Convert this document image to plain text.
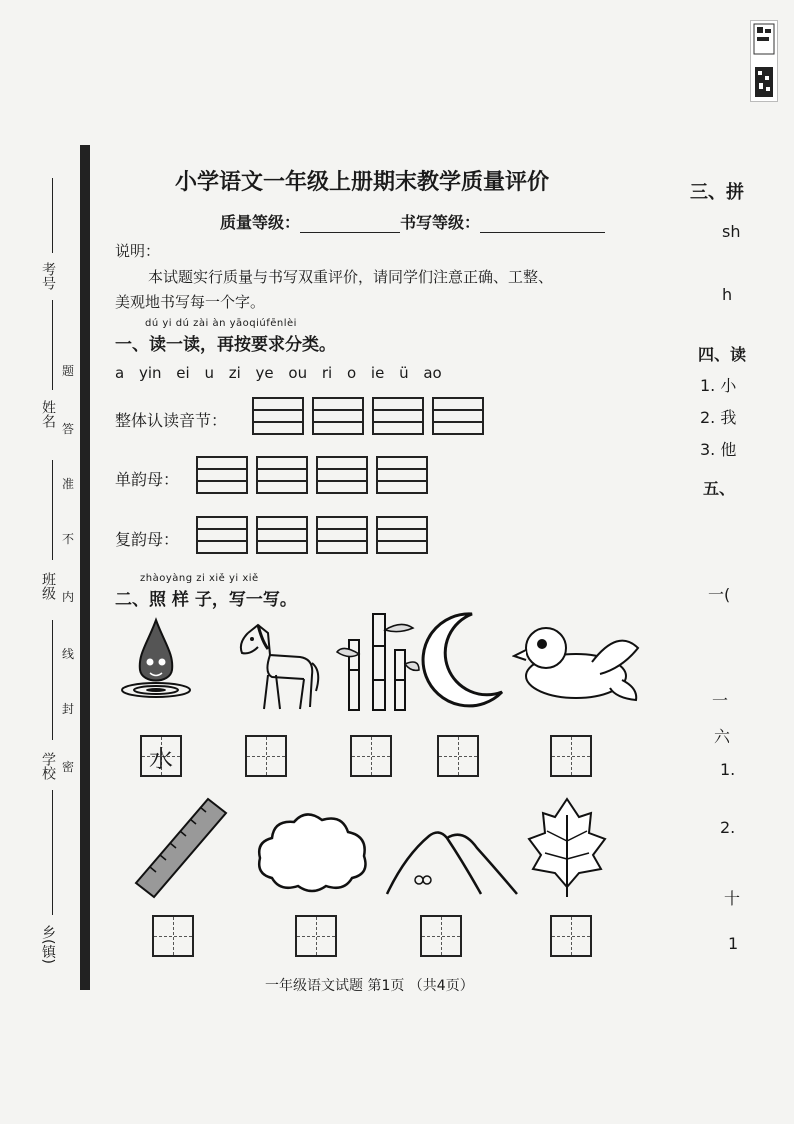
考号
姓名
班级
学校
乡(镇)
题
答
准
不
内
线
封
密
小学语文一年级上册期末教学质量评价
质量等级：	书写等级：
说明：
本试题实行质量与书写双重评价，请同学们注意正确、工整、
美观地书写每一个字。
dú yi dú zài àn yāoqiúfēnlèi
一、读一读，再按要求分类。
a yin ei u zi ye ou ri o ie ü ao
整体认读音节：
单韵母：
复韵母：
zhàoyàng zi xiě yi xiě
二、照 样 子，写一写。
水
一年级语文试题 第1页 （共4页）
三、拼
sh
h
四、读
1. 小
2. 我
3. 他
五、
一(
一
六
1.
2.
十
1
